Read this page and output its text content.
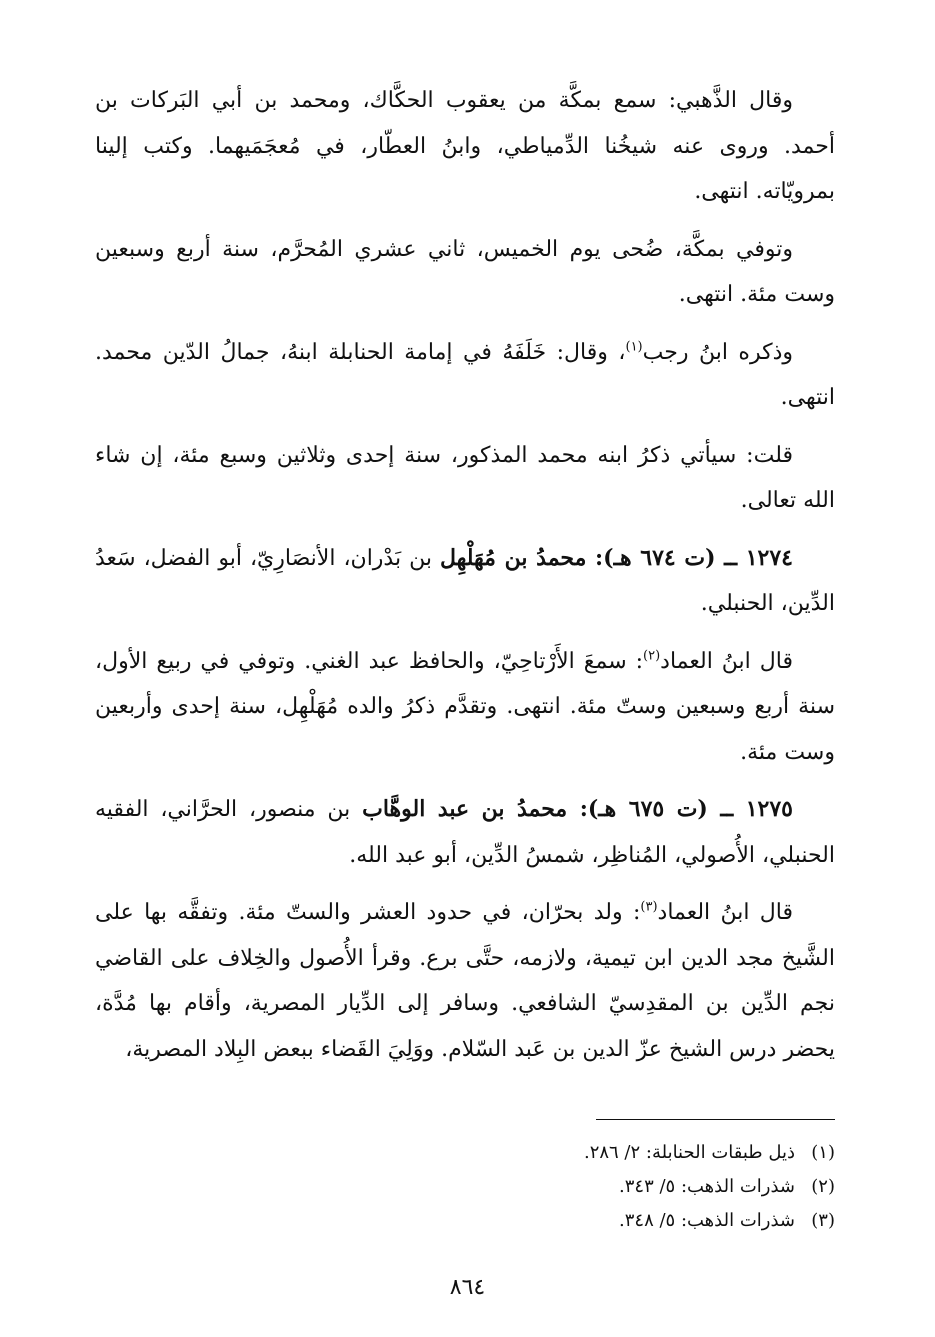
وقال الذَّهبي: سمع بمكَّة من يعقوب الحكَّاك، ومحمد بن أبي البَركات بن أحمد. وروى عنه شيخُنا الدِّمياطي، وابنُ العطّار، في مُعجَمَيهما. وكتب إلينا بمرويّاته. انتهى.

وتوفي بمكَّة، ضُحى يوم الخميس، ثاني عشري المُحرَّم، سنة أربع وسبعين وست مئة. انتهى.

وذكره ابنُ رجب$^{(١)}$، وقال: خَلَفَهُ في إمامة الحنابلة ابنهُ، جمالُ الدّين محمد. انتهى.

قلت: سيأتي ذكرُ ابنه محمد المذكور، سنة إحدى وثلاثين وسبع مئة، إن شاء الله تعالى.

١٢٧٤ ــ (ت ٦٧٤ هـ): محمدُ بن مُهَلْهِل بن بَدْران، الأنصَارِيّ، أبو الفضل، سَعدُ الدِّين، الحنبلي.

قال ابنُ العماد$^{(٢)}$: سمعَ الأَرْتاحِيّ، والحافظ عبد الغني. وتوفي في ربيع الأول، سنة أربع وسبعين وستّ مئة. انتهى. وتقدَّم ذكرُ والده مُهَلْهِل، سنة إحدى وأربعين وست مئة.

١٢٧٥ ــ (ت ٦٧٥ هـ): محمدُ بن عبد الوهَّاب بن منصور، الحرَّاني، الفقيه الحنبلي، الأُصولي، المُناظِر، شمسُ الدِّين، أبو عبد الله.

قال ابنُ العماد$^{(٣)}$: ولد بحرّان، في حدود العشر والستّ مئة. وتفقَّه بها على الشَّيخ مجد الدين ابن تيمية، ولازمه، حتَّى برع. وقرأ الأُصول والخِلاف على القاضي نجم الدِّين بن المقدِسيّ الشافعي. وسافر إلى الدِّيار المصرية، وأقام بها مُدَّة، يحضر درس الشيخ عزّ الدين بن عَبد السّلام. ووَلِيَ القَضاء ببعض البِلاد المصرية،

(١)ذيل طبقات الحنابلة: ٢/ ٢٨٦.
(٢)شذرات الذهب: ٥/ ٣٤٣.
(٣)شذرات الذهب: ٥/ ٣٤٨.
٨٦٤
